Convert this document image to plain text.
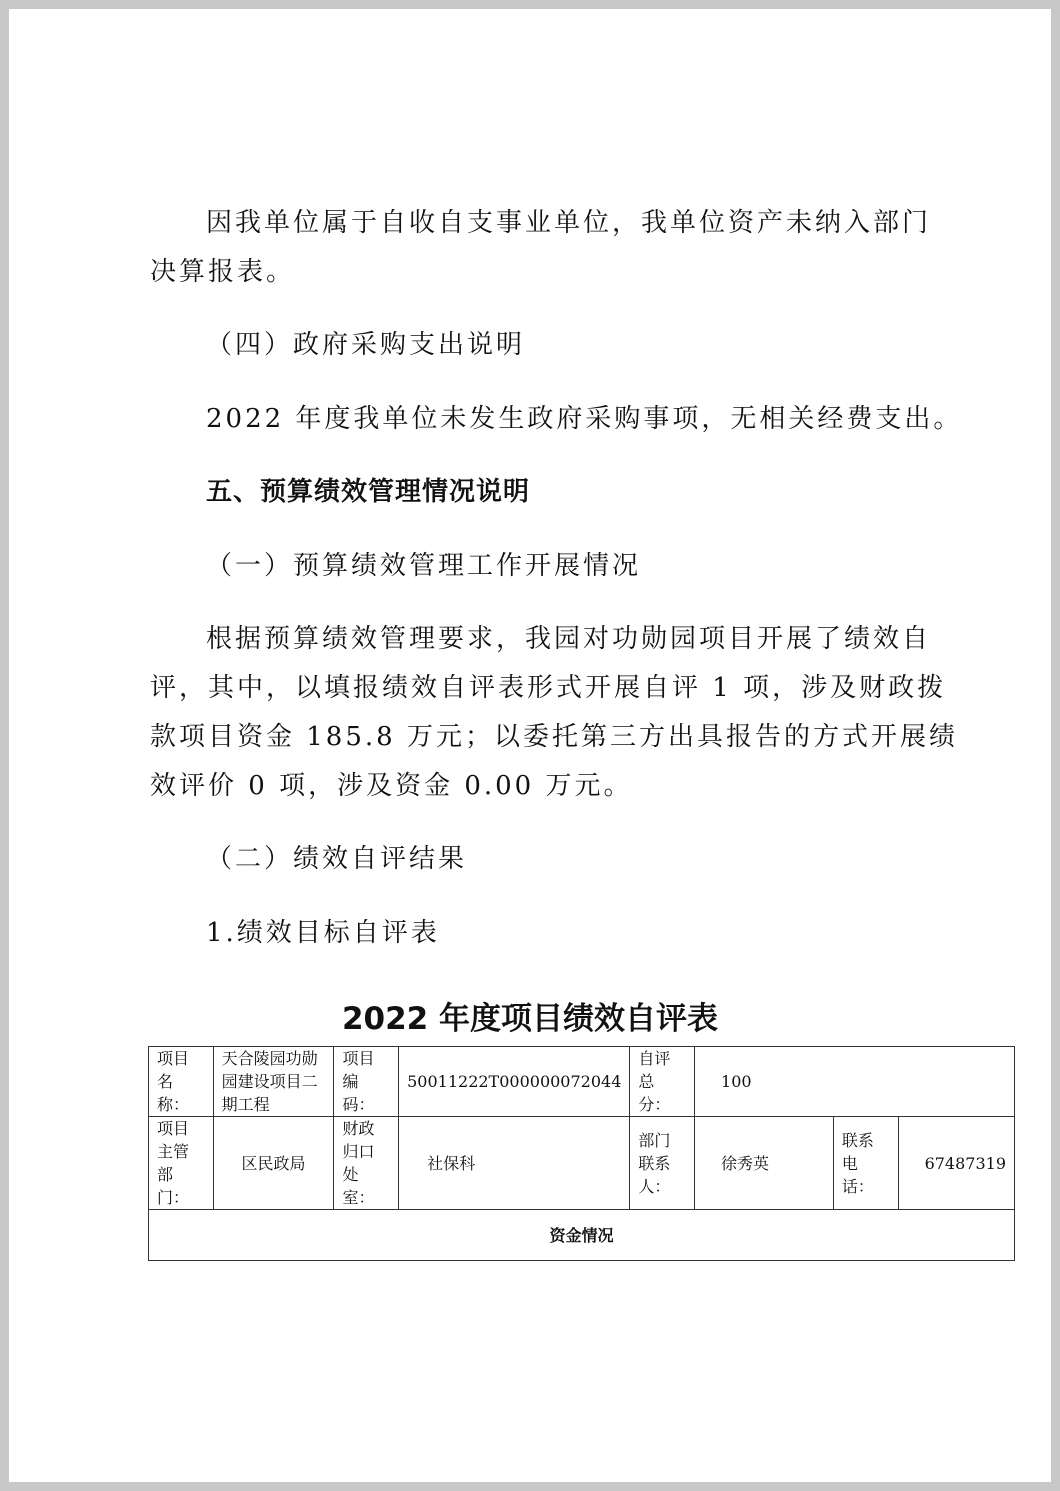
因我单位属于自收自支事业单位，我单位资产未纳入部门
决算报表。
（四）政府采购支出说明
2022 年度我单位未发生政府采购事项，无相关经费支出。
五、预算绩效管理情况说明
（一）预算绩效管理工作开展情况
根据预算绩效管理要求，我园对功勋园项目开展了绩效自
评，其中，以填报绩效自评表形式开展自评 1 项，涉及财政拨
款项目资金 185.8 万元；以委托第三方出具报告的方式开展绩
效评价 0 项，涉及资金 0.00 万元。
（二）绩效自评结果
1.绩效目标自评表
2022 年度项目绩效自评表
项目名称：	天合陵园功勋园建设项目二期工程	项目编码：	50011222T000000072044	自评总分：	100		
项目主管部门：	区民政局	财政归口处室：	社保科	部门联系人：	徐秀英	联系电话：	67487319
资金情况							
